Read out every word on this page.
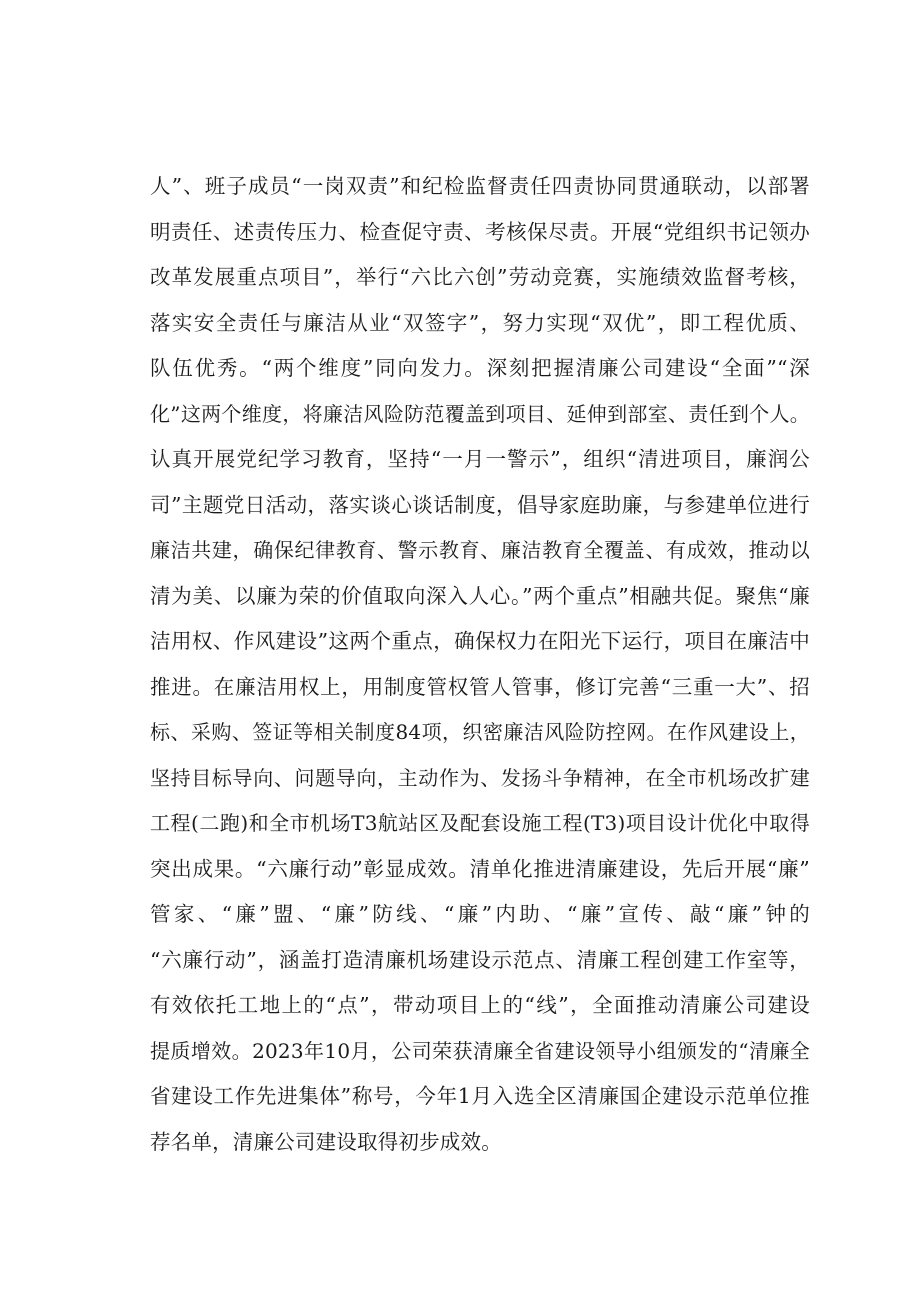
人”、班子成员“一岗双责”和纪检监督责任四责协同贯通联动，以部署
明责任、述责传压力、检查促守责、考核保尽责。开展“党组织书记领办
改革发展重点项目”，举行“六比六创”劳动竞赛，实施绩效监督考核，
落实安全责任与廉洁从业“双签字”，努力实现“双优”，即工程优质、
队伍优秀。“两个维度”同向发力。深刻把握清廉公司建设“全面”“深
化”这两个维度，将廉洁风险防范覆盖到项目、延伸到部室、责任到个人。
认真开展党纪学习教育，坚持“一月一警示”，组织“清进项目，廉润公
司”主题党日活动，落实谈心谈话制度，倡导家庭助廉，与参建单位进行
廉洁共建，确保纪律教育、警示教育、廉洁教育全覆盖、有成效，推动以
清为美、以廉为荣的价值取向深入人心。”两个重点”相融共促。聚焦“廉
洁用权、作风建设”这两个重点，确保权力在阳光下运行，项目在廉洁中
推进。在廉洁用权上，用制度管权管人管事，修订完善“三重一大”、招
标、采购、签证等相关制度84项，织密廉洁风险防控网。在作风建设上，
坚持目标导向、问题导向，主动作为、发扬斗争精神，在全市机场改扩建
工程(二跑)和全市机场T3航站区及配套设施工程(T3)项目设计优化中取得
突出成果。“六廉行动”彰显成效。清单化推进清廉建设，先后开展“廉”
管家、“廉”盟、“廉”防线、“廉”内助、“廉”宣传、敲“廉”钟的
“六廉行动”，涵盖打造清廉机场建设示范点、清廉工程创建工作室等，
有效依托工地上的“点”，带动项目上的“线”，全面推动清廉公司建设
提质增效。2023年10月，公司荣获清廉全省建设领导小组颁发的“清廉全
省建设工作先进集体”称号，今年1月入选全区清廉国企建设示范单位推
荐名单，清廉公司建设取得初步成效。
